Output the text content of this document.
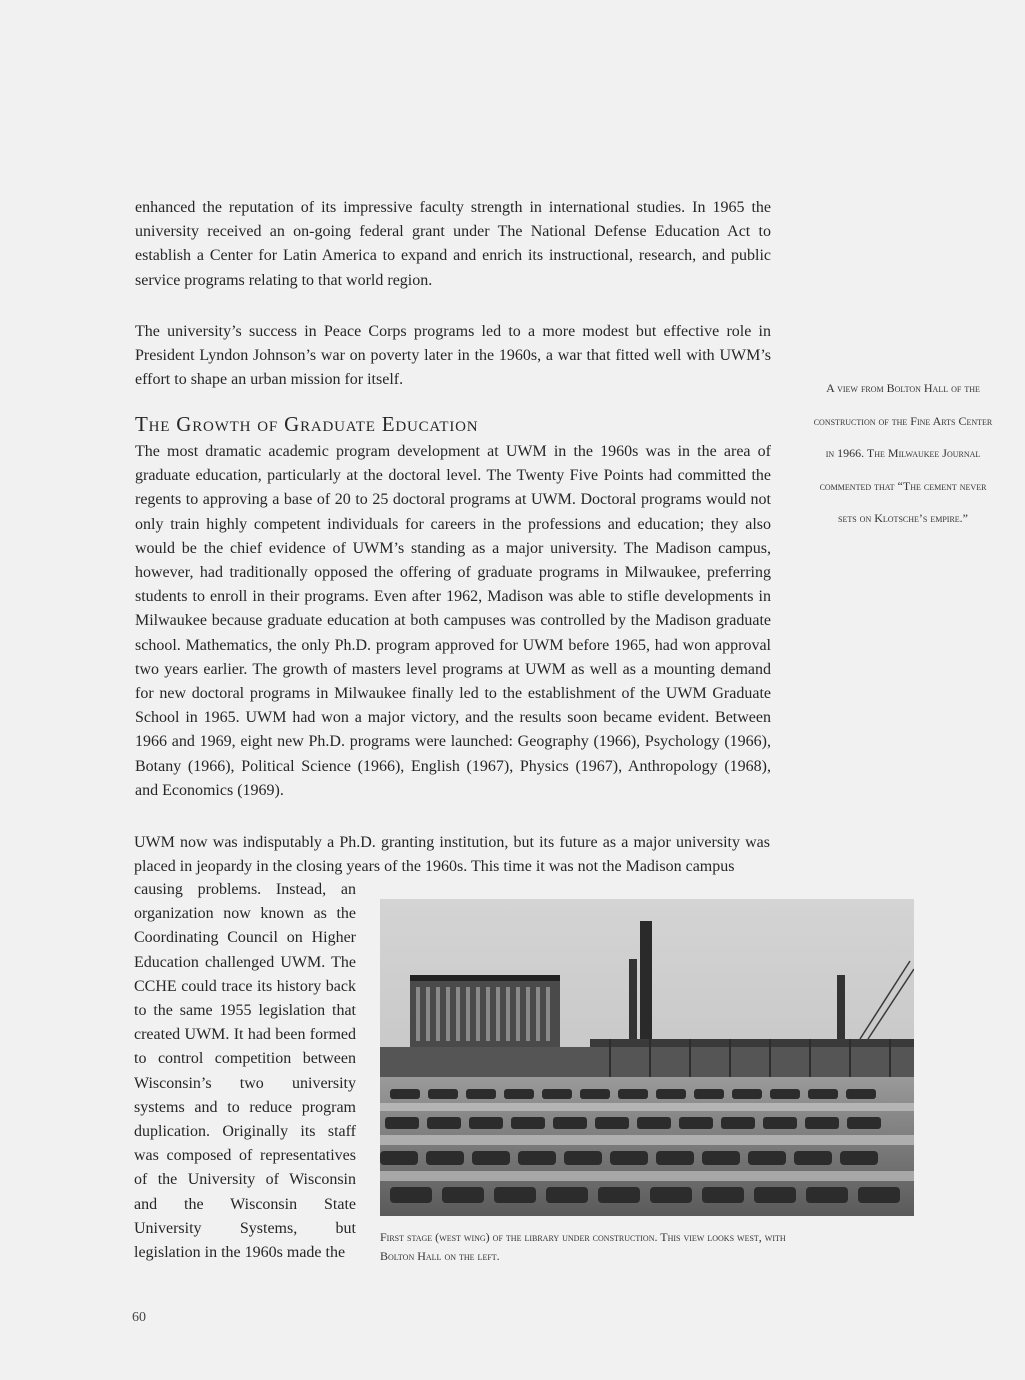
enhanced the reputation of its impressive faculty strength in international studies. In 1965 the university received an on-going federal grant under The National Defense Education Act to establish a Center for Latin America to expand and enrich its instructional, research, and public service programs relating to that world region.

The university’s success in Peace Corps programs led to a more modest but effective role in President Lyndon Johnson’s war on poverty later in the 1960s, a war that fitted well with UWM’s effort to shape an urban mission for itself.	A view from Bolton Hall of the construction of the Fine Arts Center in 1966. The Milwaukee Journal commented that “The cement never sets on Klotsche’s empire.”

The Growth of Graduate Education

The most dramatic academic program development at UWM in the 1960s was in the area of graduate education, particularly at the doctoral level. The Twenty Five Points had committed the regents to approving a base of 20 to 25 doctoral programs at UWM. Doctoral programs would not only train highly competent individuals for careers in the professions and education; they also would be the chief evidence of UWM’s standing as a major university. The Madison campus, however, had traditionally opposed the offering of graduate programs in Milwaukee, preferring students to enroll in their programs. Even after 1962, Madison was able to stifle developments in Milwaukee because graduate education at both campuses was controlled by the Madison graduate school. Mathematics, the only Ph.D. program approved for UWM before 1965, had won approval two years earlier. The growth of masters level programs at UWM as well as a mounting demand for new doctoral programs in Milwaukee finally led to the establishment of the UWM Graduate School in 1965. UWM had won a major victory, and the results soon became evident. Between 1966 and 1969, eight new Ph.D. programs were launched: Geography (1966), Psychology (1966), Botany (1966), Political Science (1966), English (1967), Physics (1967), Anthropology (1968), and Economics (1969).

UWM now was indisputably a Ph.D. granting institution, but its future as a major university was placed in jeopardy in the closing years of the 1960s. This time it was not the Madison campus

causing problems. Instead, an organization now known as the Coordinating Council on Higher Education challenged UWM. The CCHE could trace its history back to the same 1955 legislation that created UWM. It had been formed to control competition between Wisconsin’s two university systems and to reduce program duplication. Originally its staff was composed of representatives of the University of Wisconsin and the Wisconsin State University Systems, but legislation in the 1960s made the

First stage (west wing) of the library under construction. This view looks west, with Bolton Hall on the left.

60
